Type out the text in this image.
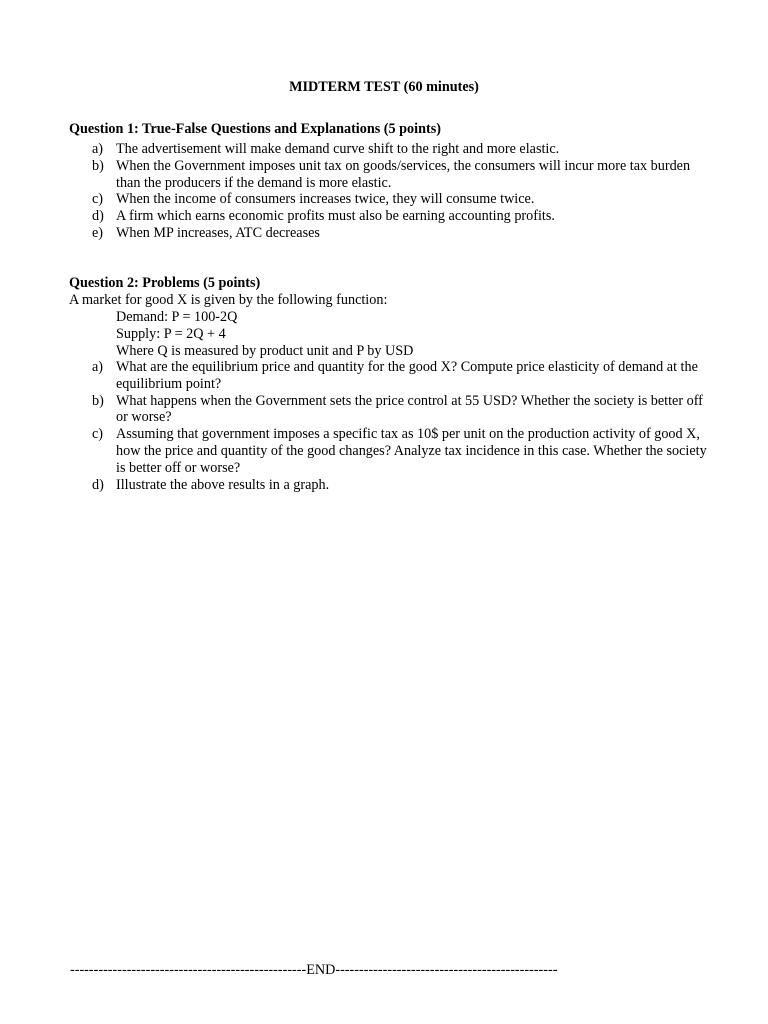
MIDTERM TEST (60 minutes)
Question 1: True-False Questions and Explanations (5 points)
a) The advertisement will make demand curve shift to the right and more elastic.
b) When the Government imposes unit tax on goods/services, the consumers will incur more tax burden than the producers if the demand is more elastic.
c) When the income of consumers increases twice, they will consume twice.
d) A firm which earns economic profits must also be earning accounting profits.
e) When MP increases, ATC decreases
Question 2: Problems (5 points)
A market for good X is given by the following function:
Demand: P = 100-2Q
Supply: P = 2Q + 4
Where Q is measured by product unit and P by USD
a) What are the equilibrium price and quantity for the good X? Compute price elasticity of demand at the equilibrium point?
b) What happens when the Government sets the price control at 55 USD? Whether the society is better off or worse?
c) Assuming that government imposes a specific tax as 10$ per unit on the production activity of good X, how the price and quantity of the good changes? Analyze tax incidence in this case. Whether the society is better off or worse?
d) Illustrate the above results in a graph.
--------------------------------------------------END-----------------------------------------------
